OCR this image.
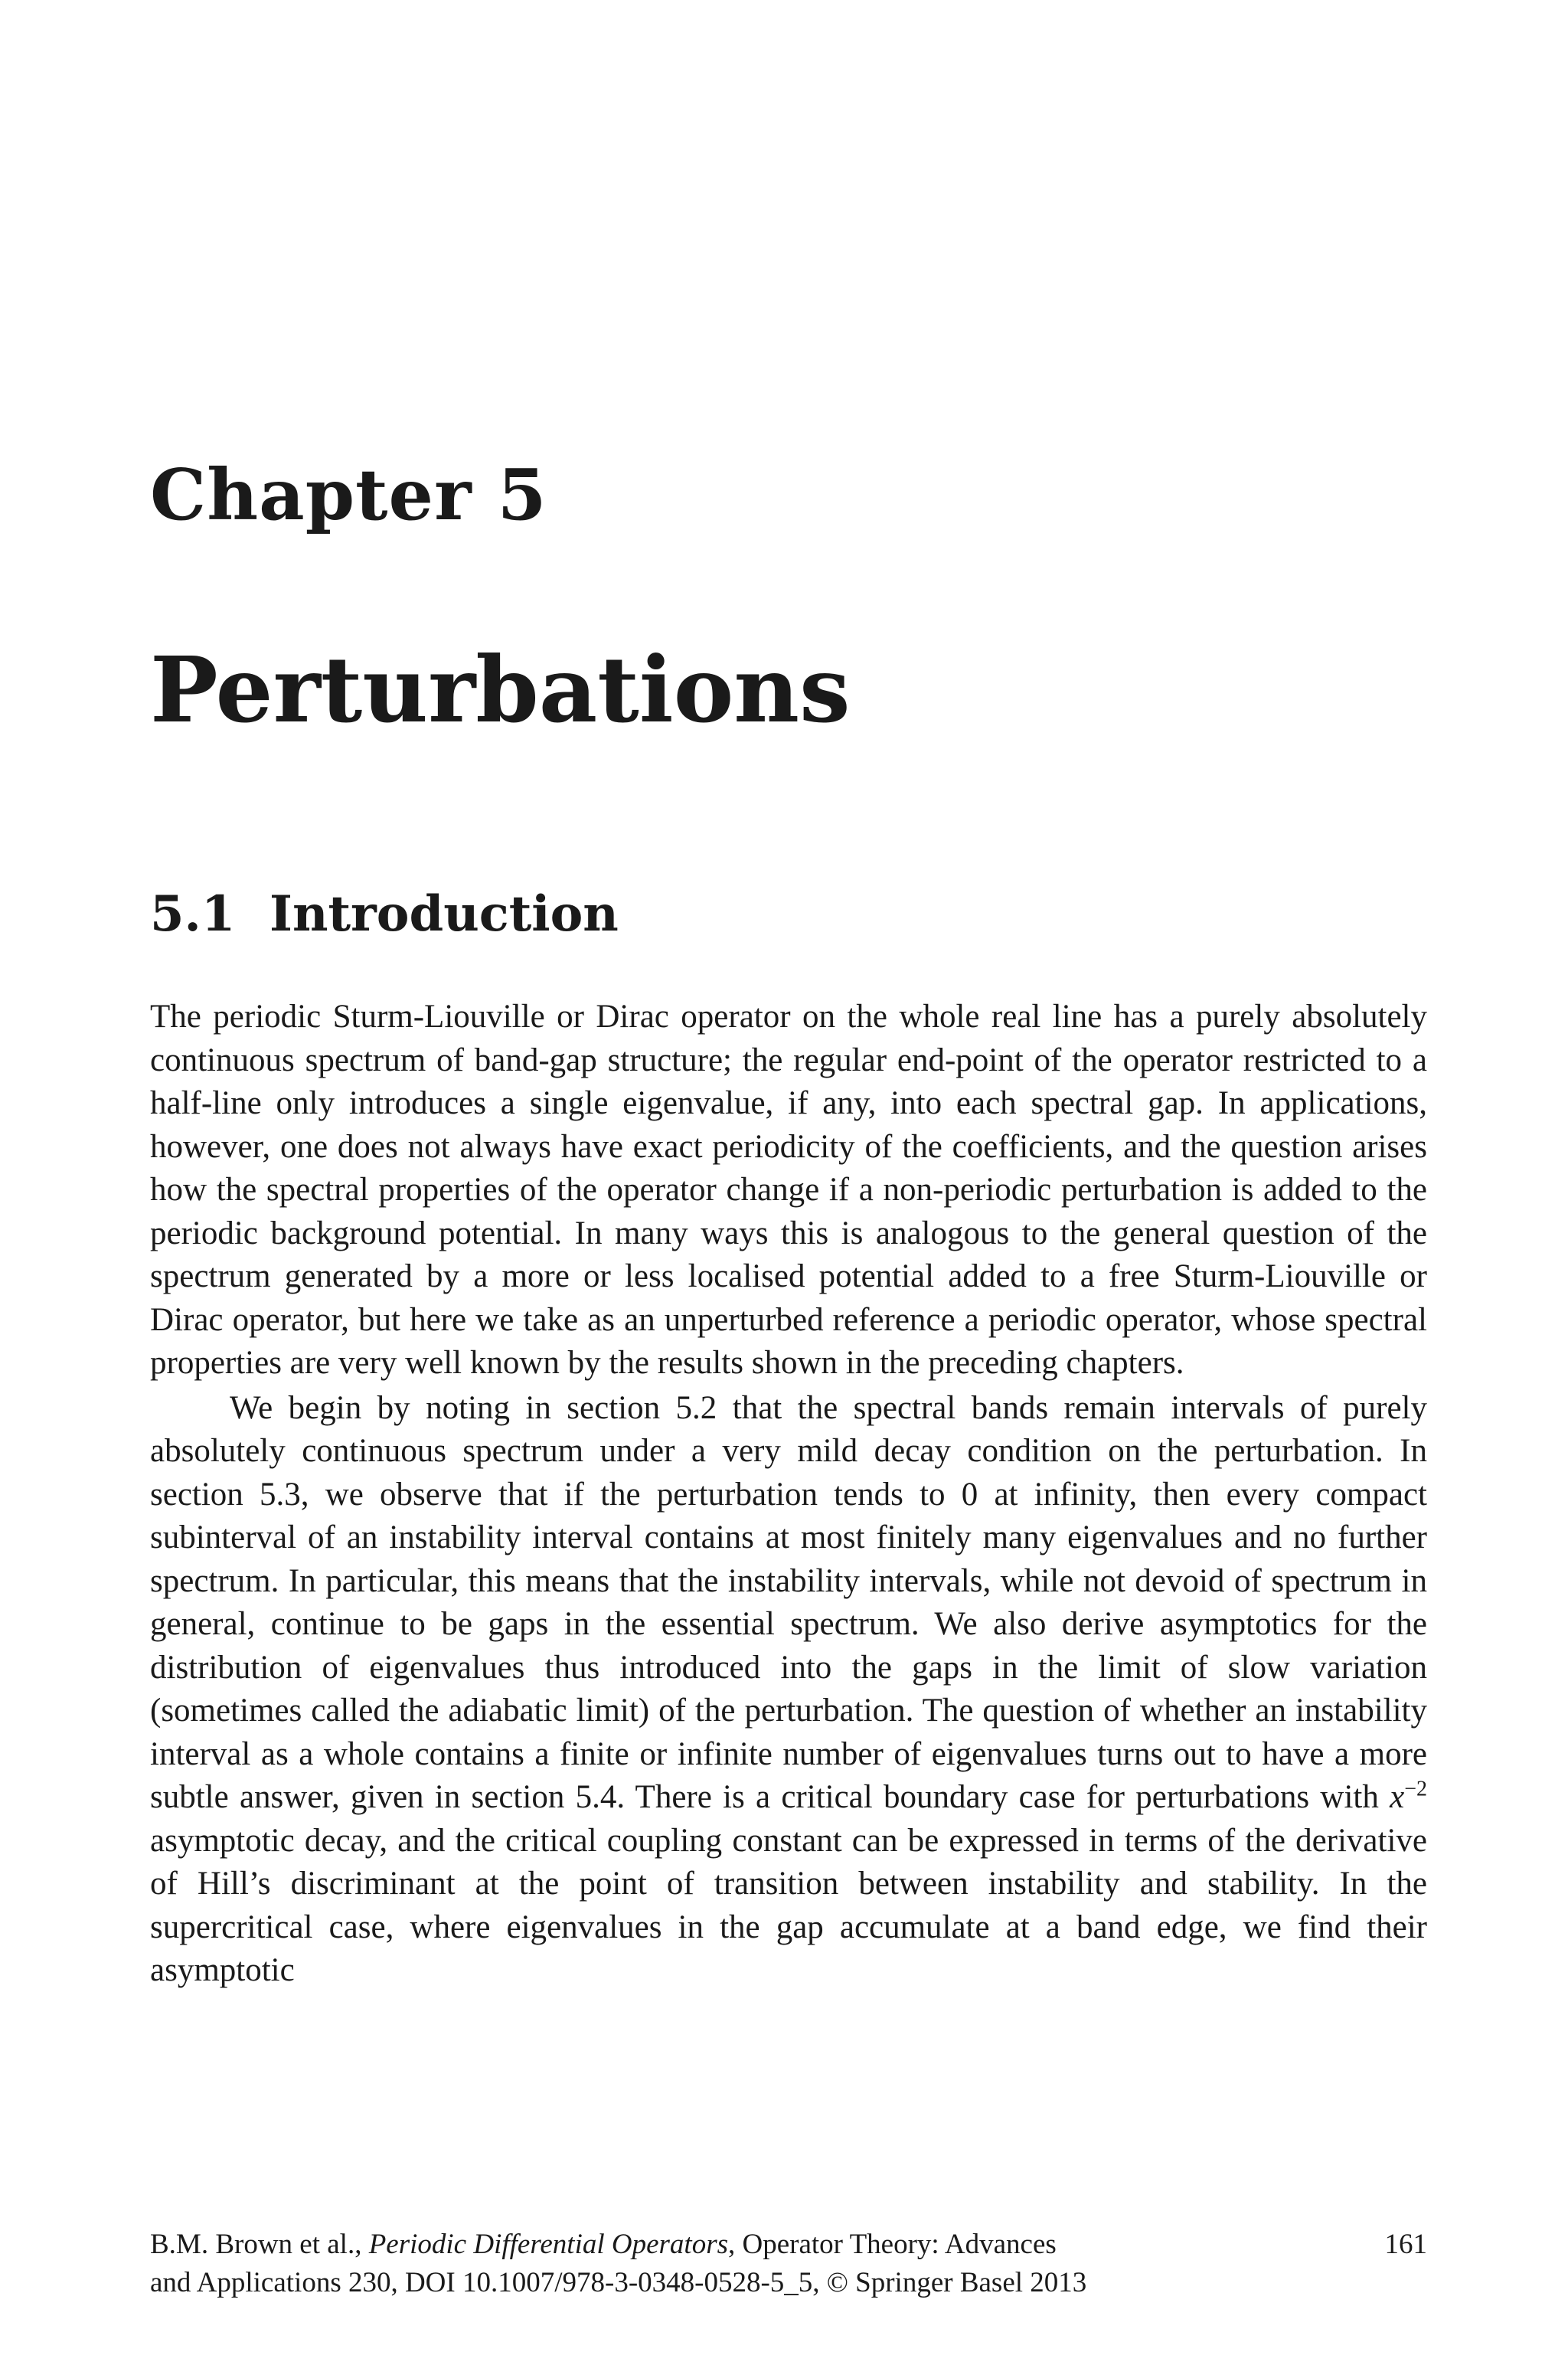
Chapter 5
Perturbations
5.1 Introduction

The periodic Sturm-Liouville or Dirac operator on the whole real line has a purely absolutely continuous spectrum of band-gap structure; the regular end-point of the operator restricted to a half-line only introduces a single eigenvalue, if any, into each spectral gap. In applications, however, one does not always have exact periodicity of the coefficients, and the question arises how the spectral properties of the operator change if a non-periodic perturbation is added to the periodic background potential. In many ways this is analogous to the general question of the spectrum generated by a more or less localised potential added to a free Sturm-Liouville or Dirac operator, but here we take as an unperturbed reference a periodic operator, whose spectral properties are very well known by the results shown in the preceding chapters.

We begin by noting in section 5.2 that the spectral bands remain intervals of purely absolutely continuous spectrum under a very mild decay condition on the perturbation. In section 5.3, we observe that if the perturbation tends to 0 at infinity, then every compact subinterval of an instability interval contains at most finitely many eigenvalues and no further spectrum. In particular, this means that the instability intervals, while not devoid of spectrum in general, continue to be gaps in the essential spectrum. We also derive asymptotics for the distribution of eigenvalues thus introduced into the gaps in the limit of slow variation (sometimes called the adiabatic limit) of the perturbation. The question of whether an instability interval as a whole contains a finite or infinite number of eigenvalues turns out to have a more subtle answer, given in section 5.4. There is a critical boundary case for perturbations with $x^{-2}$ asymptotic decay, and the critical coupling constant can be expressed in terms of the derivative of Hill’s discriminant at the point of transition between instability and stability. In the supercritical case, where eigenvalues in the gap accumulate at a band edge, we find their asymptotic

B.M. Brown et al., Periodic Differential Operators, Operator Theory: Advances
and Applications 230, DOI 10.1007/978-3-0348-0528-5_5, © Springer Basel 2013
161
